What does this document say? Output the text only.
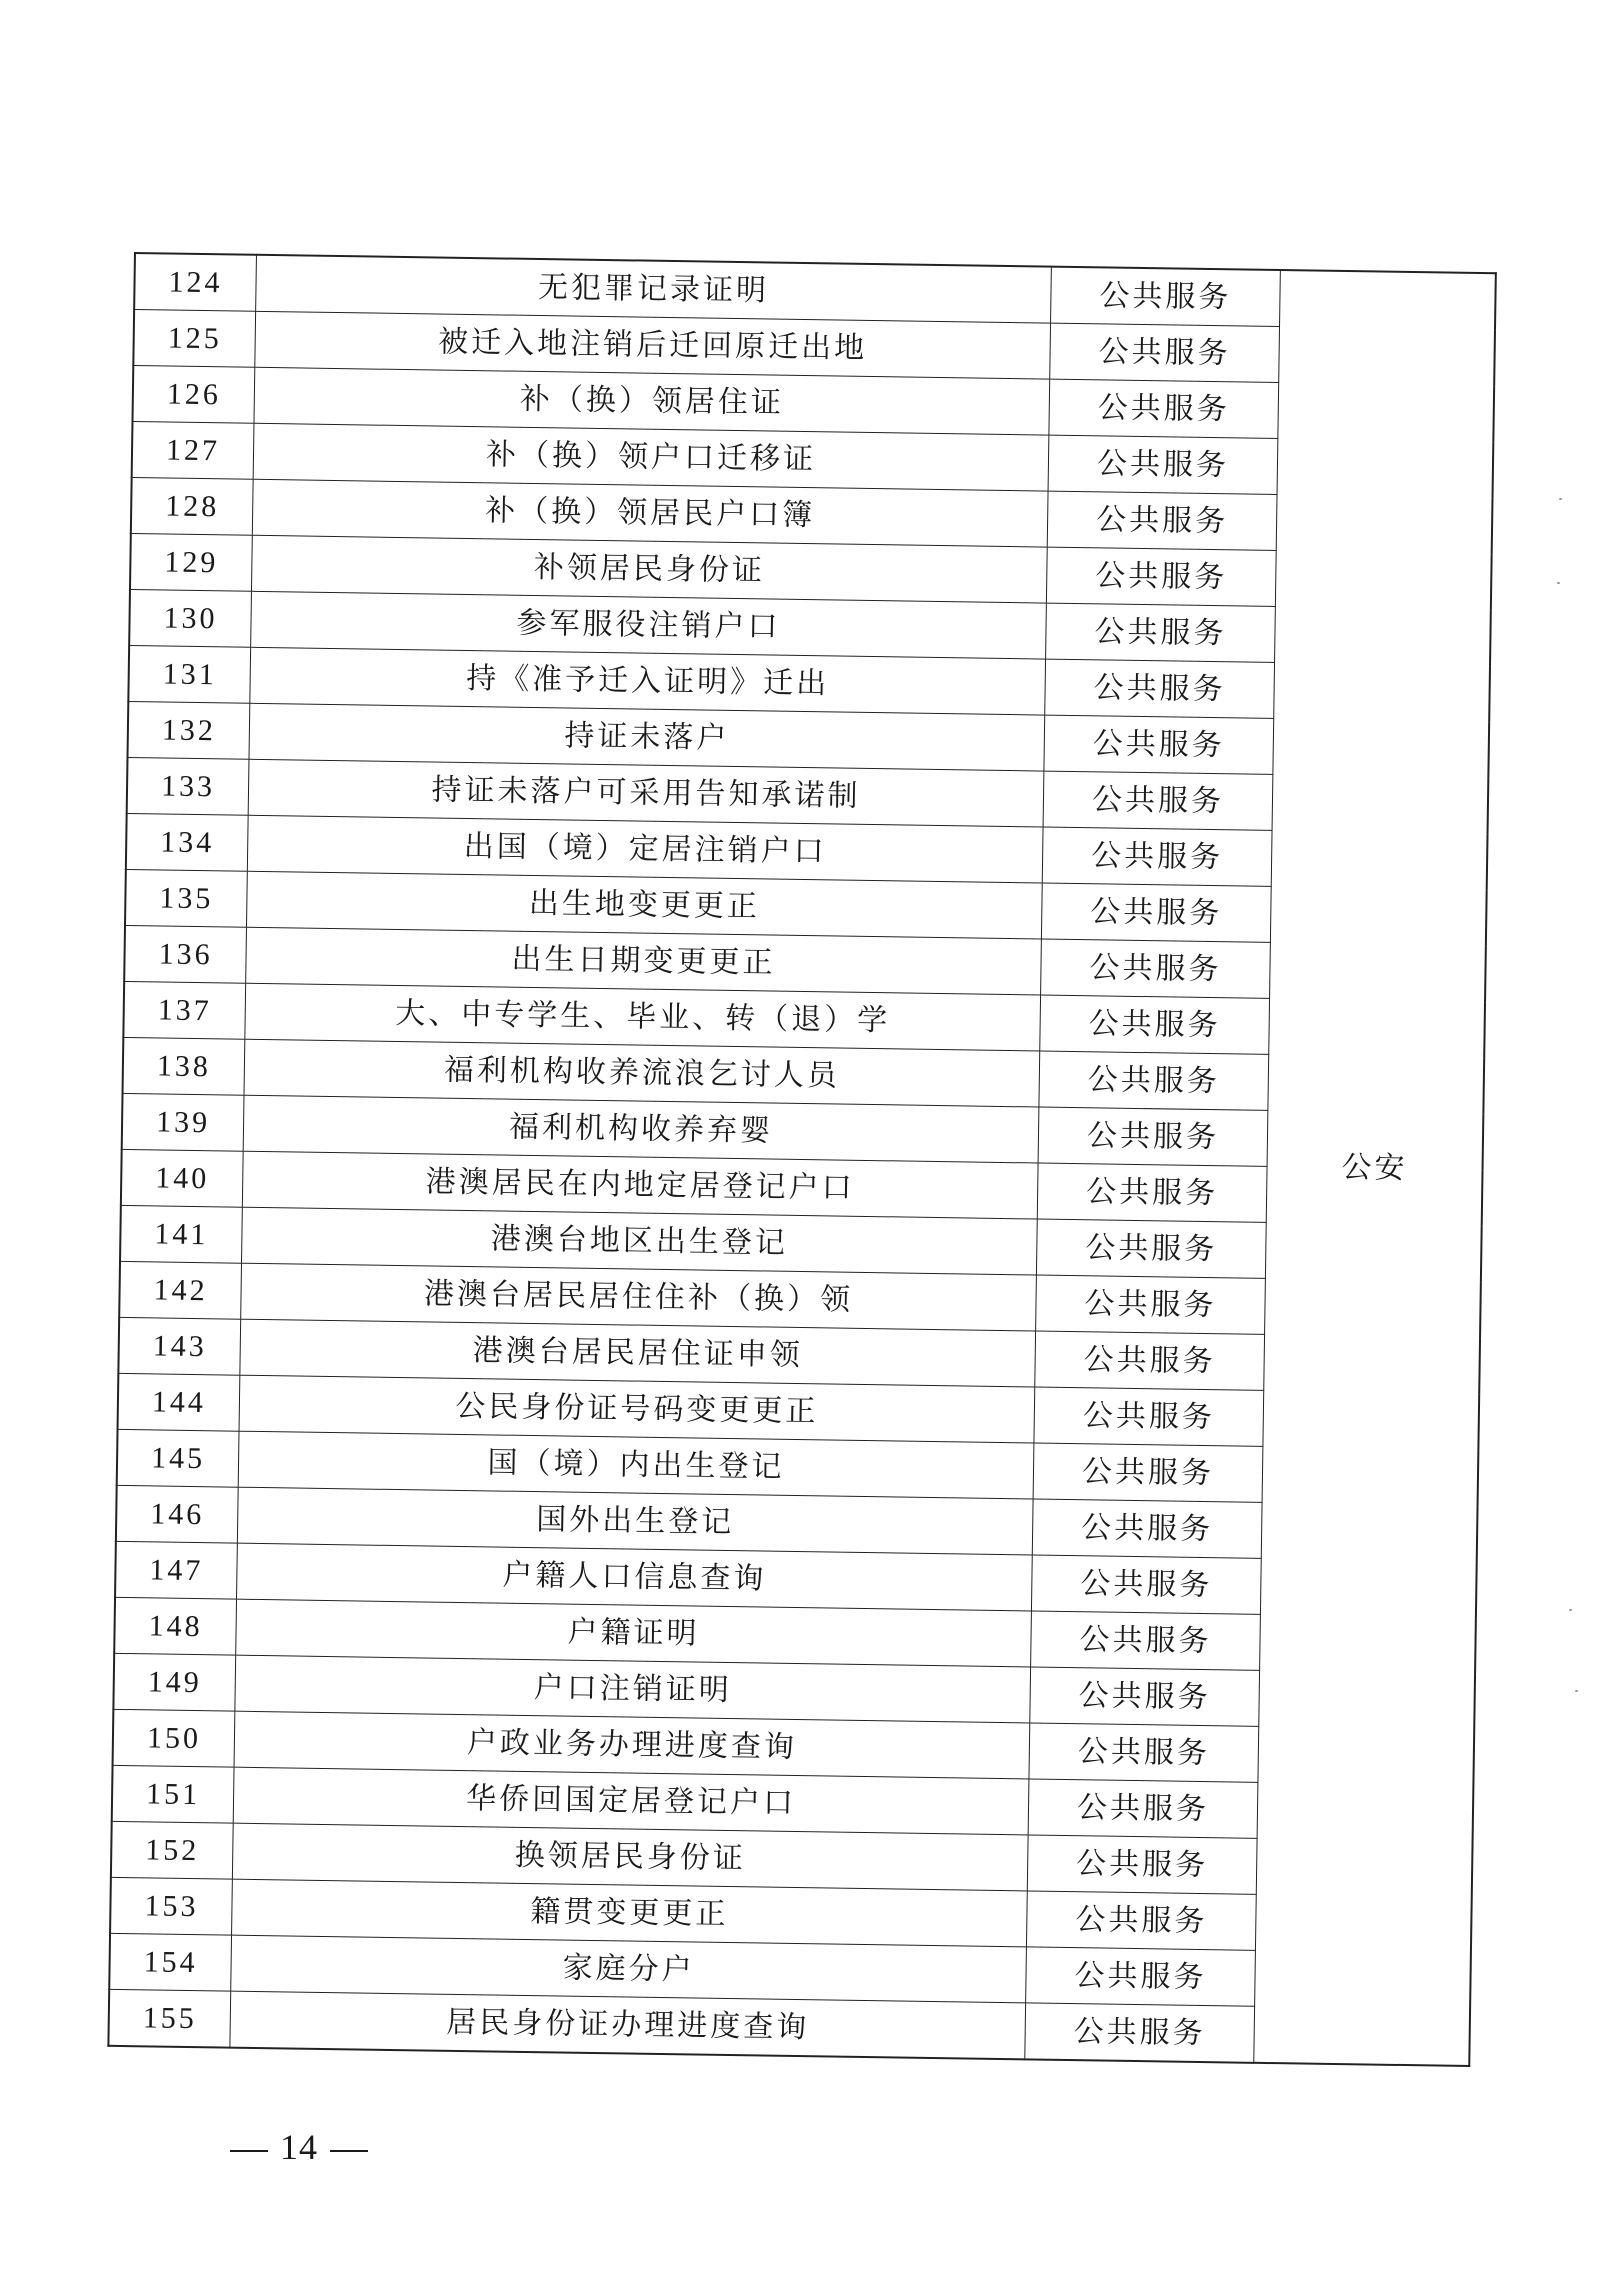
124	无犯罪记录证明	公共服务	公安
125	被迁入地注销后迁回原迁出地	公共服务	
126	补（换）领居住证	公共服务	
127	补（换）领户口迁移证	公共服务	
128	补（换）领居民户口簿	公共服务	
129	补领居民身份证	公共服务	
130	参军服役注销户口	公共服务	
131	持《准予迁入证明》迁出	公共服务	
132	持证未落户	公共服务	
133	持证未落户可采用告知承诺制	公共服务	
134	出国（境）定居注销户口	公共服务	
135	出生地变更更正	公共服务	
136	出生日期变更更正	公共服务	
137	大、中专学生、毕业、转（退）学	公共服务	
138	福利机构收养流浪乞讨人员	公共服务	
139	福利机构收养弃婴	公共服务	
140	港澳居民在内地定居登记户口	公共服务	
141	港澳台地区出生登记	公共服务	
142	港澳台居民居住住补（换）领	公共服务	
143	港澳台居民居住证申领	公共服务	
144	公民身份证号码变更更正	公共服务	
145	国（境）内出生登记	公共服务	
146	国外出生登记	公共服务	
147	户籍人口信息查询	公共服务	
148	户籍证明	公共服务	
149	户口注销证明	公共服务	
150	户政业务办理进度查询	公共服务	
151	华侨回国定居登记户口	公共服务	
152	换领居民身份证	公共服务	
153	籍贯变更更正	公共服务	
154	家庭分户	公共服务	
155	居民身份证办理进度查询	公共服务	
14
